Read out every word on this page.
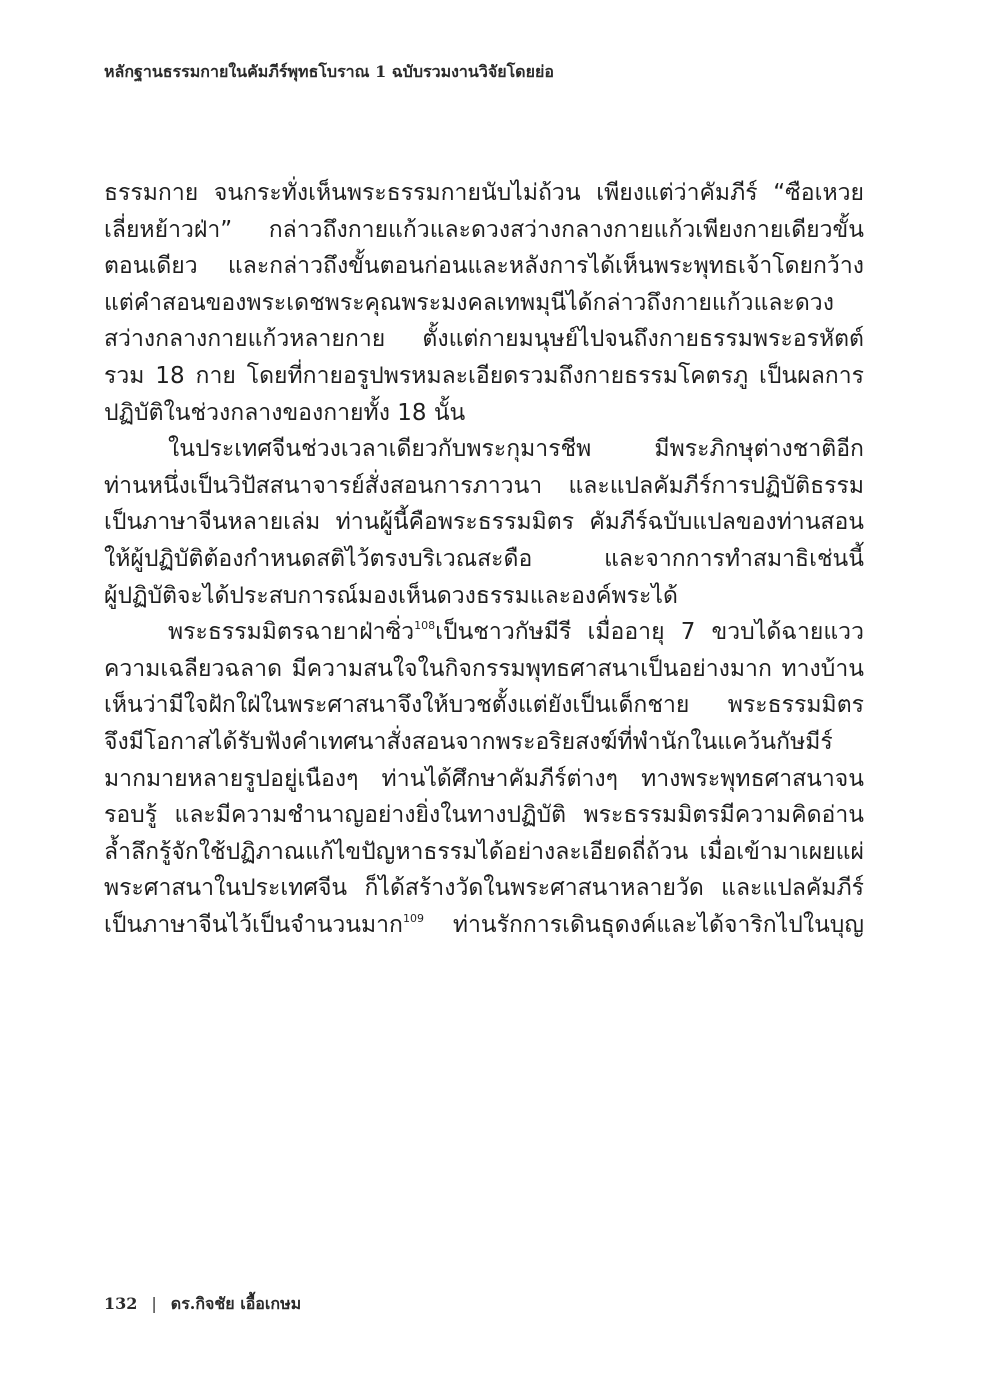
หลักฐานธรรมกายในคัมภีร์พุทธโบราณ 1 ฉบับรวมงานวิจัยโดยย่อ
ธรรมกาย จนกระทั่งเห็นพระธรรมกายนับไม่ถ้วน เพียงแต่ว่าคัมภีร์ “ซือเหวย
เลี่ยหย้าวฝ่า” กล่าวถึงกายแก้วและดวงสว่างกลางกายแก้วเพียงกายเดียวขั้น
ตอนเดียว และกล่าวถึงขั้นตอนก่อนและหลังการได้เห็นพระพุทธเจ้าโดยกว้าง
แต่คำสอนของพระเดชพระคุณพระมงคลเทพมุนีได้กล่าวถึงกายแก้วและดวง
สว่างกลางกายแก้วหลายกาย ตั้งแต่กายมนุษย์ไปจนถึงกายธรรมพระอรหัตต์
รวม 18 กาย โดยที่กายอรูปพรหมละเอียดรวมถึงกายธรรมโคตรภู เป็นผลการ
ปฏิบัติในช่วงกลางของกายทั้ง 18 นั้น
ในประเทศจีนช่วงเวลาเดียวกับพระกุมารชีพ มีพระภิกษุต่างชาติอีก
ท่านหนึ่งเป็นวิปัสสนาจารย์สั่งสอนการภาวนา และแปลคัมภีร์การปฏิบัติธรรม
เป็นภาษาจีนหลายเล่ม ท่านผู้นี้คือพระธรรมมิตร คัมภีร์ฉบับแปลของท่านสอน
ให้ผู้ปฏิบัติต้องกำหนดสติไว้ตรงบริเวณสะดือ และจากการทำสมาธิเช่นนี้
ผู้ปฏิบัติจะได้ประสบการณ์มองเห็นดวงธรรมและองค์พระได้
พระธรรมมิตรฉายาฝ่าซิ่ว$^{108}$เป็นชาวกัษมีรี เมื่ออายุ 7 ขวบได้ฉายแวว
ความเฉลียวฉลาด มีความสนใจในกิจกรรมพุทธศาสนาเป็นอย่างมาก ทางบ้าน
เห็นว่ามีใจฝักใฝ่ในพระศาสนาจึงให้บวชตั้งแต่ยังเป็นเด็กชาย พระธรรมมิตร
จึงมีโอกาสได้รับฟังคำเทศนาสั่งสอนจากพระอริยสงฆ์ที่พำนักในแคว้นกัษมีร์
มากมายหลายรูปอยู่เนืองๆ ท่านได้ศึกษาคัมภีร์ต่างๆ ทางพระพุทธศาสนาจน
รอบรู้ และมีความชำนาญอย่างยิ่งในทางปฏิบัติ พระธรรมมิตรมีความคิดอ่าน
ล้ำลึกรู้จักใช้ปฏิภาณแก้ไขปัญหาธรรมได้อย่างละเอียดถี่ถ้วน เมื่อเข้ามาเผยแผ่
พระศาสนาในประเทศจีน ก็ได้สร้างวัดในพระศาสนาหลายวัด และแปลคัมภีร์
เป็นภาษาจีนไว้เป็นจำนวนมาก$^{109}$ ท่านรักการเดินธุดงค์และได้จาริกไปในบุญ
132 | ดร.กิจชัย เอื้อเกษม
